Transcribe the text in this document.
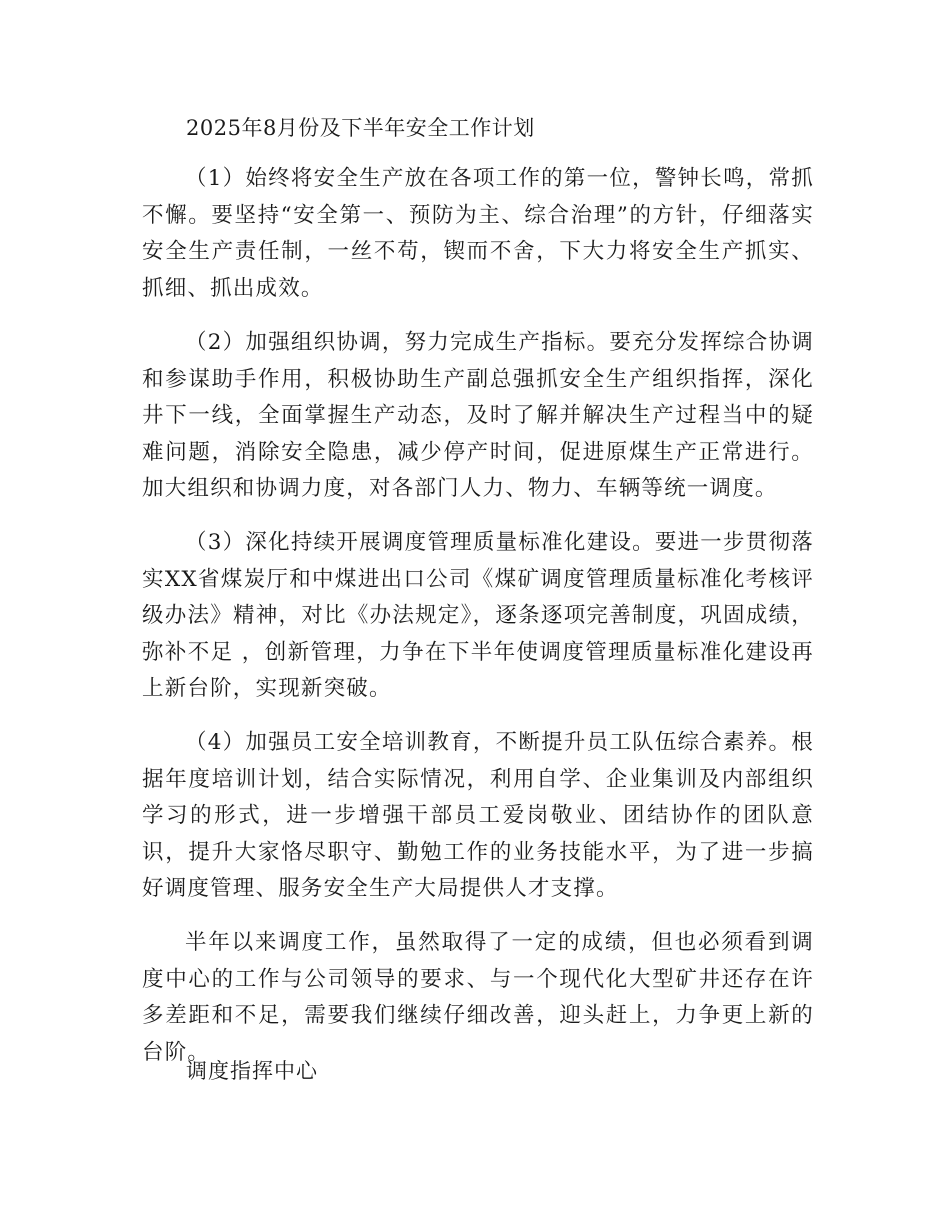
2025年8月份及下半年安全工作计划

（1）始终将安全生产放在各项工作的第一位，警钟长鸣，常抓不懈。要坚持“安全第一、预防为主、综合治理”的方针，仔细落实安全生产责任制，一丝不苟，锲而不舍，下大力将安全生产抓实、抓细、抓出成效。

（2）加强组织协调，努力完成生产指标。要充分发挥综合协调和参谋助手作用，积极协助生产副总强抓安全生产组织指挥，深化井下一线，全面掌握生产动态，及时了解并解决生产过程当中的疑难问题，消除安全隐患，减少停产时间，促进原煤生产正常进行。加大组织和协调力度，对各部门人力、物力、车辆等统一调度。

（3）深化持续开展调度管理质量标准化建设。要进一步贯彻落实XX省煤炭厅和中煤进出口公司《煤矿调度管理质量标准化考核评级办法》精神，对比《办法规定》，逐条逐项完善制度，巩固成绩，弥补不足 ，创新管理，力争在下半年使调度管理质量标准化建设再上新台阶，实现新突破。

（4）加强员工安全培训教育，不断提升员工队伍综合素养。根据年度培训计划，结合实际情况，利用自学、企业集训及内部组织学习的形式，进一步增强干部员工爱岗敬业、团结协作的团队意识，提升大家恪尽职守、勤勉工作的业务技能水平，为了进一步搞好调度管理、服务安全生产大局提供人才支撑。

半年以来调度工作，虽然取得了一定的成绩，但也必须看到调度中心的工作与公司领导的要求、与一个现代化大型矿井还存在许多差距和不足，需要我们继续仔细改善，迎头赶上，力争更上新的台阶。

调度指挥中心
